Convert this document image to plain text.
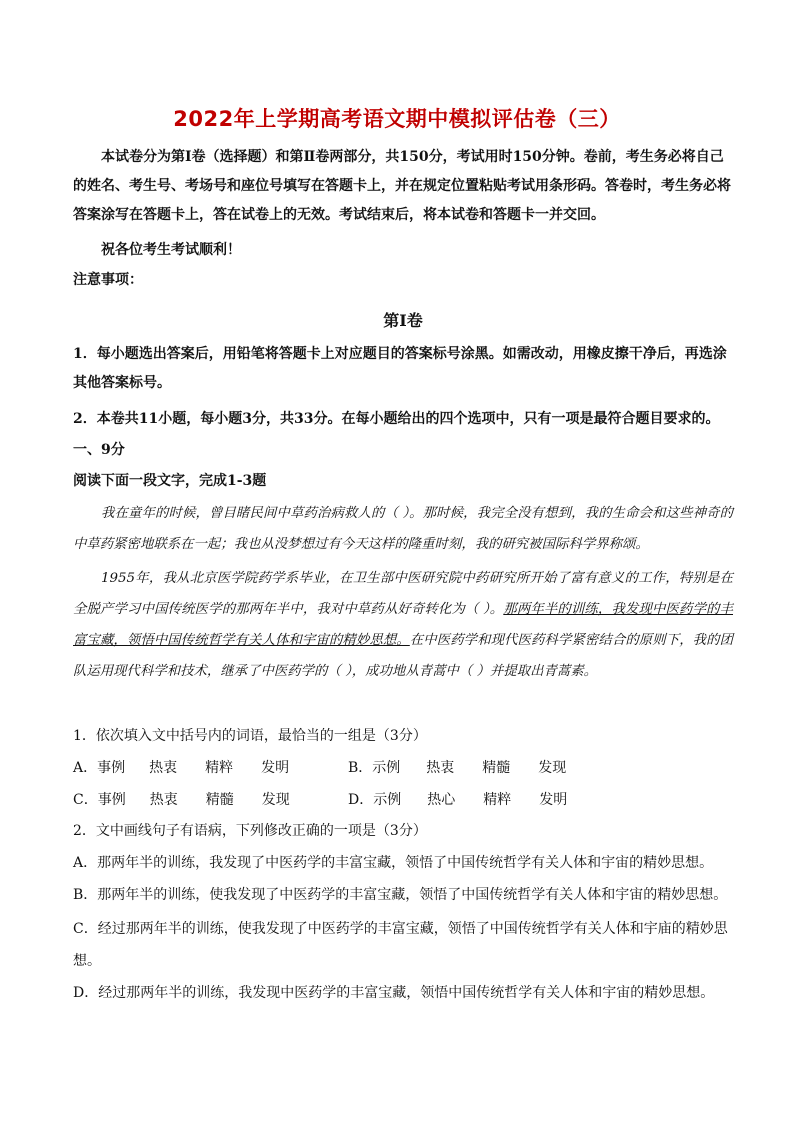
2022年上学期高考语文期中模拟评估卷（三）
本试卷分为第Ⅰ卷（选择题）和第Ⅱ卷两部分，共150分，考试用时150分钟。卷前，考生务必将自己的姓名、考生号、考场号和座位号填写在答题卡上，并在规定位置粘贴考试用条形码。答卷时，考生务必将答案涂写在答题卡上，答在试卷上的无效。考试结束后，将本试卷和答题卡一并交回。
祝各位考生考试顺利！
注意事项：
第Ⅰ卷
1．每小题选出答案后，用铅笔将答题卡上对应题目的答案标号涂黑。如需改动，用橡皮擦干净后，再选涂其他答案标号。
2．本卷共11小题，每小题3分，共33分。在每小题给出的四个选项中，只有一项是最符合题目要求的。
一、9分
阅读下面一段文字，完成1-3题
我在童年的时候，曾目睹民间中草药治病救人的（ ）。那时候，我完全没有想到，我的生命会和这些神奇的中草药紧密地联系在一起；我也从没梦想过有今天这样的隆重时刻，我的研究被国际科学界称颂。
1955年，我从北京医学院药学系毕业，在卫生部中医研究院中药研究所开始了富有意义的工作，特别是在全脱产学习中国传统医学的那两年半中，我对中草药从好奇转化为（ ）。那两年半的训练，我发现中医药学的丰富宝藏，领悟中国传统哲学有关人体和宇宙的精妙思想。在中医药学和现代医药科学紧密结合的原则下，我的团队运用现代科学和技术，继承了中医药学的（ ），成功地从青蒿中（ ）并提取出青蒿素。
1．依次填入文中括号内的词语，最恰当的一组是（3分）
A．事例 热衷 精粹 发明	B．示例 热衷 精髓 发现
C．事例 热衷 精髓 发现	D．示例 热心 精粹 发明
2．文中画线句子有语病，下列修改正确的一项是（3分）
A．那两年半的训练，我发现了中医药学的丰富宝藏，领悟了中国传统哲学有关人体和宇宙的精妙思想。
B．那两年半的训练，使我发现了中医药学的丰富宝藏，领悟了中国传统哲学有关人体和宇宙的精妙思想。
C．经过那两年半的训练，使我发现了中医药学的丰富宝藏，领悟了中国传统哲学有关人体和宇庙的精妙思想。
D．经过那两年半的训练，我发现中医药学的丰富宝藏，领悟中国传统哲学有关人体和宇宙的精妙思想。
